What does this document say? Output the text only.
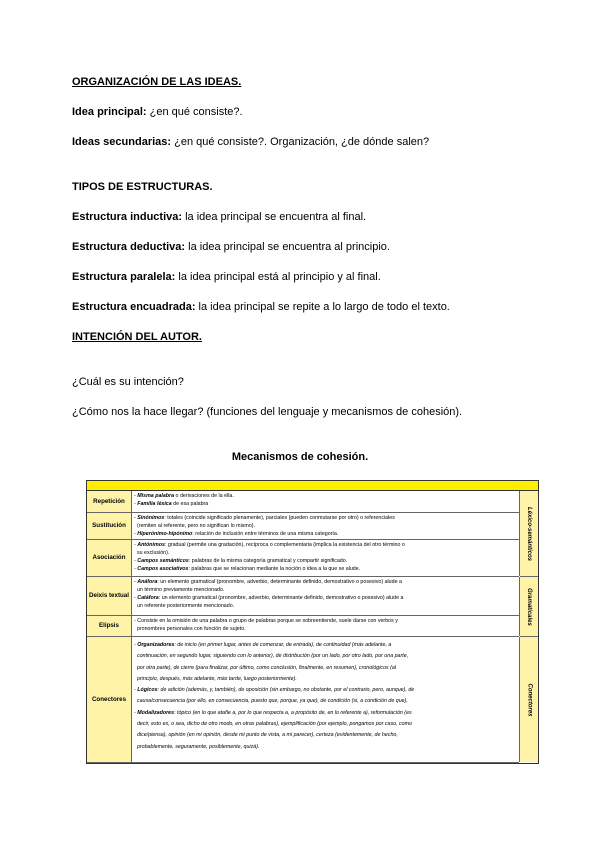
ORGANIZACIÓN DE LAS IDEAS.
Idea principal: ¿en qué consiste?.
Ideas secundarias: ¿en qué consiste?. Organización, ¿de dónde salen?
TIPOS DE ESTRUCTURAS.
Estructura inductiva: la idea principal se encuentra al final.
Estructura deductiva: la idea principal se encuentra al principio.
Estructura paralela: la idea principal está al principio y al final.
Estructura encuadrada: la idea principal se repite a lo largo de todo el texto.
INTENCIÓN DEL AUTOR.
¿Cuál es su intención?
¿Cómo nos la hace llegar? (funciones del lenguaje y mecanismos de cohesión).
Mecanismos de cohesión.
Repetición
- Misma palabra o derivaciones de la ella.
- Familia léxica de esa palabra
Sustitución
- Sinónimos: totales (coincide significado plenamente), parciales (pueden conmutarse por otro) o referenciales
(remiten al referente, pero no significan lo mismo).
- Hiperónimo-hipónimo: relación de inclusión entre términos de una misma categoría.
Asociación
- Antónimos: gradual (permite una gradación), recíproca o complementaria (implica la existencia del otro término o
su exclusión).
- Campos semánticos: palabras de la misma categoría gramatical y compartir significado.
- Campos asociativos: palabras que se relacionan mediante la noción o idea a la que se alude.
Deixis textual
- Anáfora: un elemento gramatical (pronombre, adverbio, determinante definido, demostrativo o posesivo) alude a
un término previamente mencionado.
- Catáfora: un elemento gramatical (pronombre, adverbio, determinante definido, demostrativo o posesivo) alude a
un referente posteriormente mencionado.
Elipsis
- Consiste en la omisión de una palabra o grupo de palabras porque se sobreentiende, suele darse con verbos y
pronombres personales con función de sujeto.
Conectores
- Organizadores: de inicio (en primer lugar, antes de comenzar, de entrada), de continuidad (más adelante, a
continuación, en segundo lugar, siguiendo con lo anterior), de distribución (por un lado, por otro lado, por una parte,
por otra parte), de cierre (para finalizar, por último, como conclusión, finalmente, en resumen), cronológicos (al
principio, después, más adelante, más tarde, luego posteriormente).
- Lógicos: de adición (además, y, también), de oposición (sin embargo, no obstante, por el contrario, pero, aunque), de
causa/consecuencia (por ello, en consecuencia, puesto que, porque, ya que), de condición (si, a condición de que),
- Modalizadores: tópico (en lo que atañe a, por lo que respecta a, a propósito de, en lo referente a), reformulación (es
decir, esto es, o sea, dicho de otro modo, en otras palabras), ejemplificación (por ejemplo, pongamos por caso, como
dice/piensa), opinión (en mi opinión, desde mi punto de vista, a mi parecer), certeza (evidentemente, de hecho,
probablemente, seguramente, posiblemente, quizá).
Léxico-semánticos
Gramaticales
Conectores
